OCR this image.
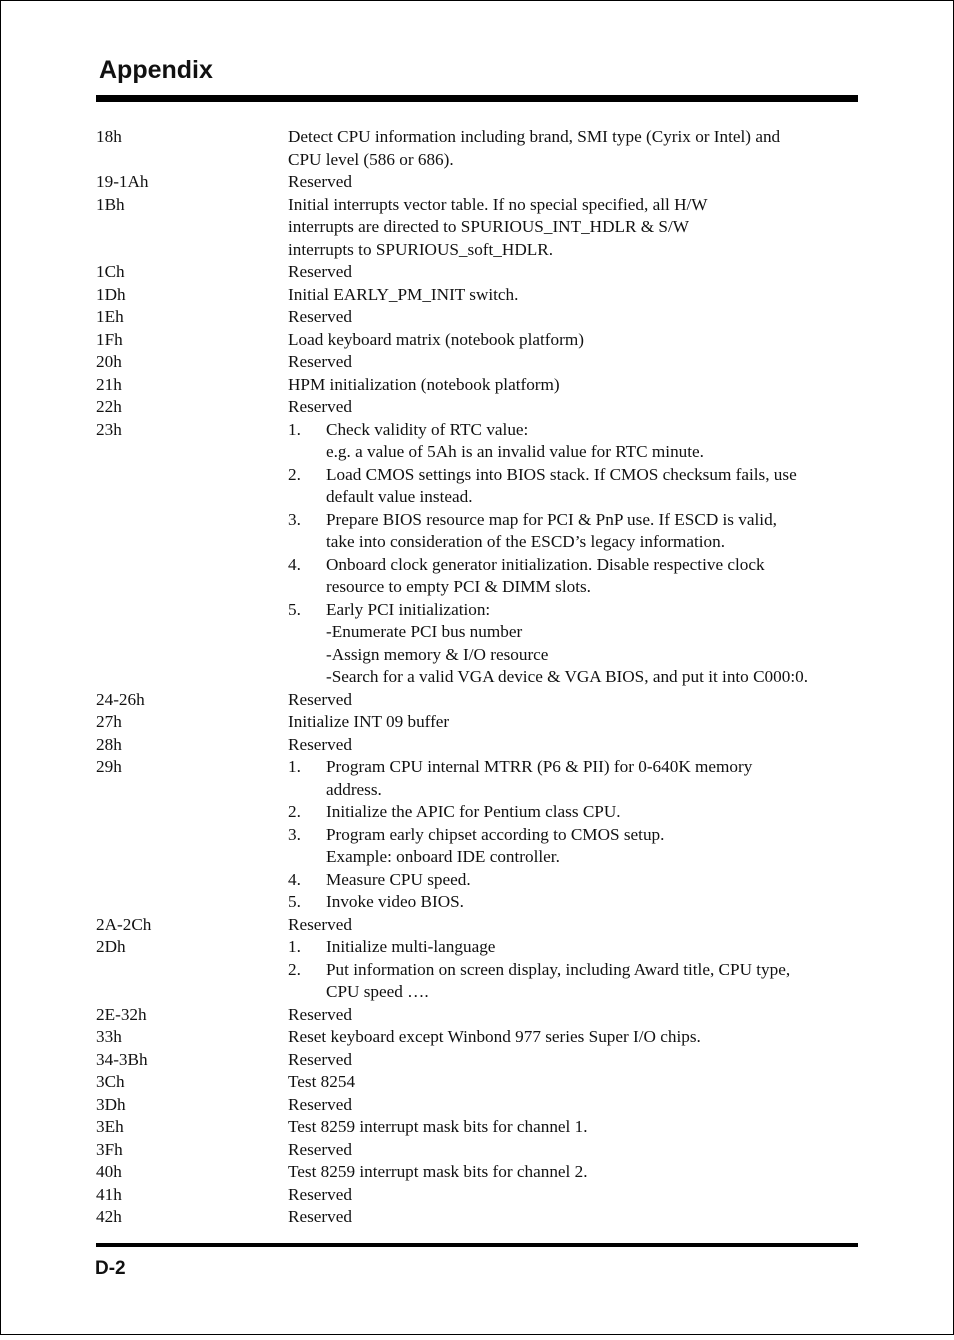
Appendix
18h	Detect CPU information including brand, SMI type (Cyrix or Intel) and
CPU level (586 or 686).
19-1Ah	Reserved
1Bh	Initial interrupts vector table. If no special specified, all H/W
interrupts are directed to SPURIOUS_INT_HDLR & S/W
interrupts to SPURIOUS_soft_HDLR.
1Ch	Reserved
1Dh	Initial EARLY_PM_INIT switch.
1Eh	Reserved
1Fh	Load keyboard matrix (notebook platform)
20h	Reserved
21h	HPM initialization (notebook platform)
22h	Reserved
23h	1.	Check validity of RTC value:
e.g. a value of 5Ah is an invalid value for RTC minute.
2.	Load CMOS settings into BIOS stack. If CMOS checksum fails, use
default value instead.
3.	Prepare BIOS resource map for PCI & PnP use. If ESCD is valid,
take into consideration of the ESCD’s legacy information.
4.	Onboard clock generator initialization. Disable respective clock
resource to empty PCI & DIMM slots.
5.	Early PCI initialization:
-Enumerate PCI bus number
-Assign memory & I/O resource
-Search for a valid VGA device & VGA BIOS, and put it into C000:0.
24-26h	Reserved
27h	Initialize INT 09 buffer
28h	Reserved
29h	1.	Program CPU internal MTRR (P6 & PII) for 0-640K memory
address.
2.	Initialize the APIC for Pentium class CPU.
3.	Program early chipset according to CMOS setup.
Example: onboard IDE controller.
4.	Measure CPU speed.
5.	Invoke video BIOS.
2A-2Ch	Reserved
2Dh	1.	Initialize multi-language
2.	Put information on screen display, including Award title, CPU type,
CPU speed ….
2E-32h	Reserved
33h	Reset keyboard except Winbond 977 series Super I/O chips.
34-3Bh	Reserved
3Ch	Test 8254
3Dh	Reserved
3Eh	Test 8259 interrupt mask bits for channel 1.
3Fh	Reserved
40h	Test 8259 interrupt mask bits for channel 2.
41h	Reserved
42h	Reserved
D-2
